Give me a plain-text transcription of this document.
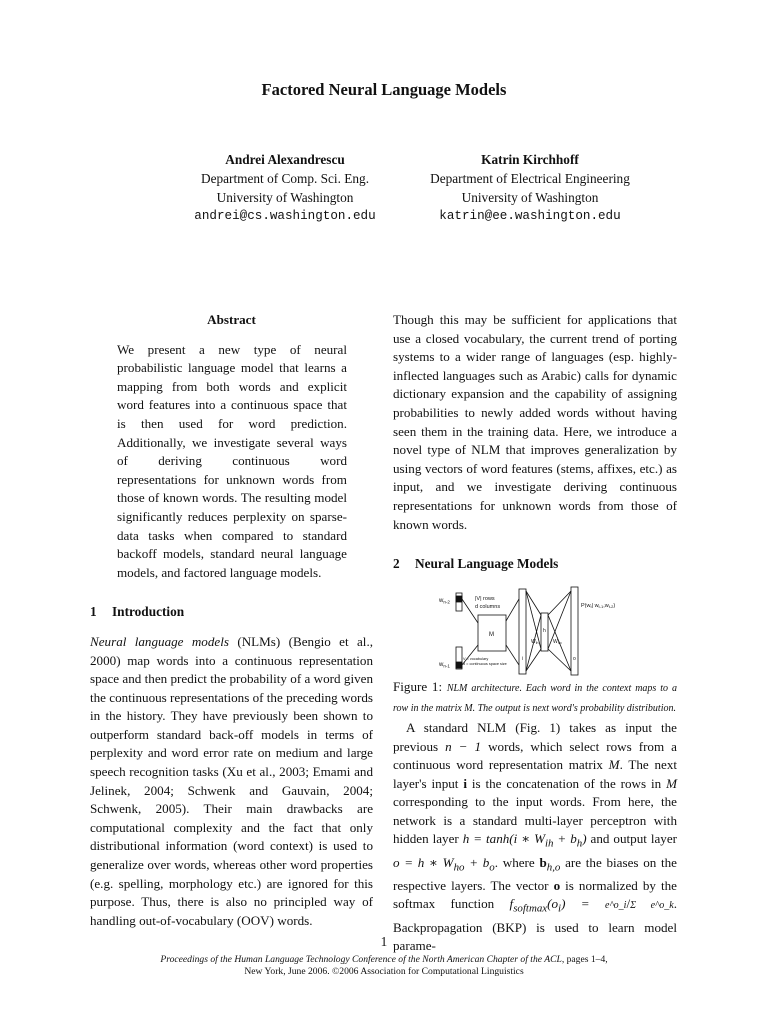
Factored Neural Language Models
Andrei Alexandrescu
Department of Comp. Sci. Eng.
University of Washington
andrei@cs.washington.edu
Katrin Kirchhoff
Department of Electrical Engineering
University of Washington
katrin@ee.washington.edu

Abstract

We present a new type of neural probabilistic language model that learns a mapping from both words and explicit word features into a continuous space that is then used for word prediction. Additionally, we investigate several ways of deriving continuous word representations for unknown words from those of known words. The resulting model significantly reduces perplexity on sparse-data tasks when compared to standard backoff models, standard neural language models, and factored language models.

1 Introduction

Neural language models (NLMs) (Bengio et al., 2000) map words into a continuous representation space and then predict the probability of a word given the continuous representations of the preceding words in the history. They have previously been shown to outperform standard back-off models in terms of perplexity and word error rate on medium and large speech recognition tasks (Xu et al., 2003; Emami and Jelinek, 2004; Schwenk and Gauvain, 2004; Schwenk, 2005). Their main drawbacks are computational complexity and the fact that only distributional information (word context) is used to generalize over words, whereas other word properties (e.g. spelling, morphology etc.) are ignored for this purpose. Thus, there is also no principled way of handling out-of-vocabulary (OOV) words.

Though this may be sufficient for applications that use a closed vocabulary, the current trend of porting systems to a wider range of languages (esp. highly-inflected languages such as Arabic) calls for dynamic dictionary expansion and the capability of assigning probabilities to newly added words without having seen them in the training data. Here, we introduce a novel type of NLM that improves generalization by using vectors of word features (stems, affixes, etc.) as input, and we investigate deriving continuous representations for unknown words from those of known words.

2 Neural Language Models

$w_{n-2}$
$w_{n-1}$
|V| rows
d columns
M
i
h
o
$W_{ih}$	$W_{ho}$
$P(w_t|$ $w_{t-1},w_{t-2}$)
V = vocabulary
d = continuous space size

Figure 1: NLM architecture. Each word in the context maps to a row in the matrix M. The output is next word's probability distribution.

A standard NLM (Fig. 1) takes as input the previous n − 1 words, which select rows from a continuous word representation matrix M. The next layer's input i is the concatenation of the rows in M corresponding to the input words. From here, the network is a standard multi-layer perceptron with hidden layer h = tanh(i ∗ $W_{ih} + b_h$) and output layer o = h ∗ $W_{ho} + b_o$. where $b_{h,o}$ are the biases on the respective layers. The vector o is normalized by the softmax function $f_{softmax}(o_i)$ = e^o_i/Σ e^o_k. Backpropagation (BKP) is used to learn model parame-

1
Proceedings of the Human Language Technology Conference of the North American Chapter of the ACL, pages 1–4,
New York, June 2006. ©2006 Association for Computational Linguistics
